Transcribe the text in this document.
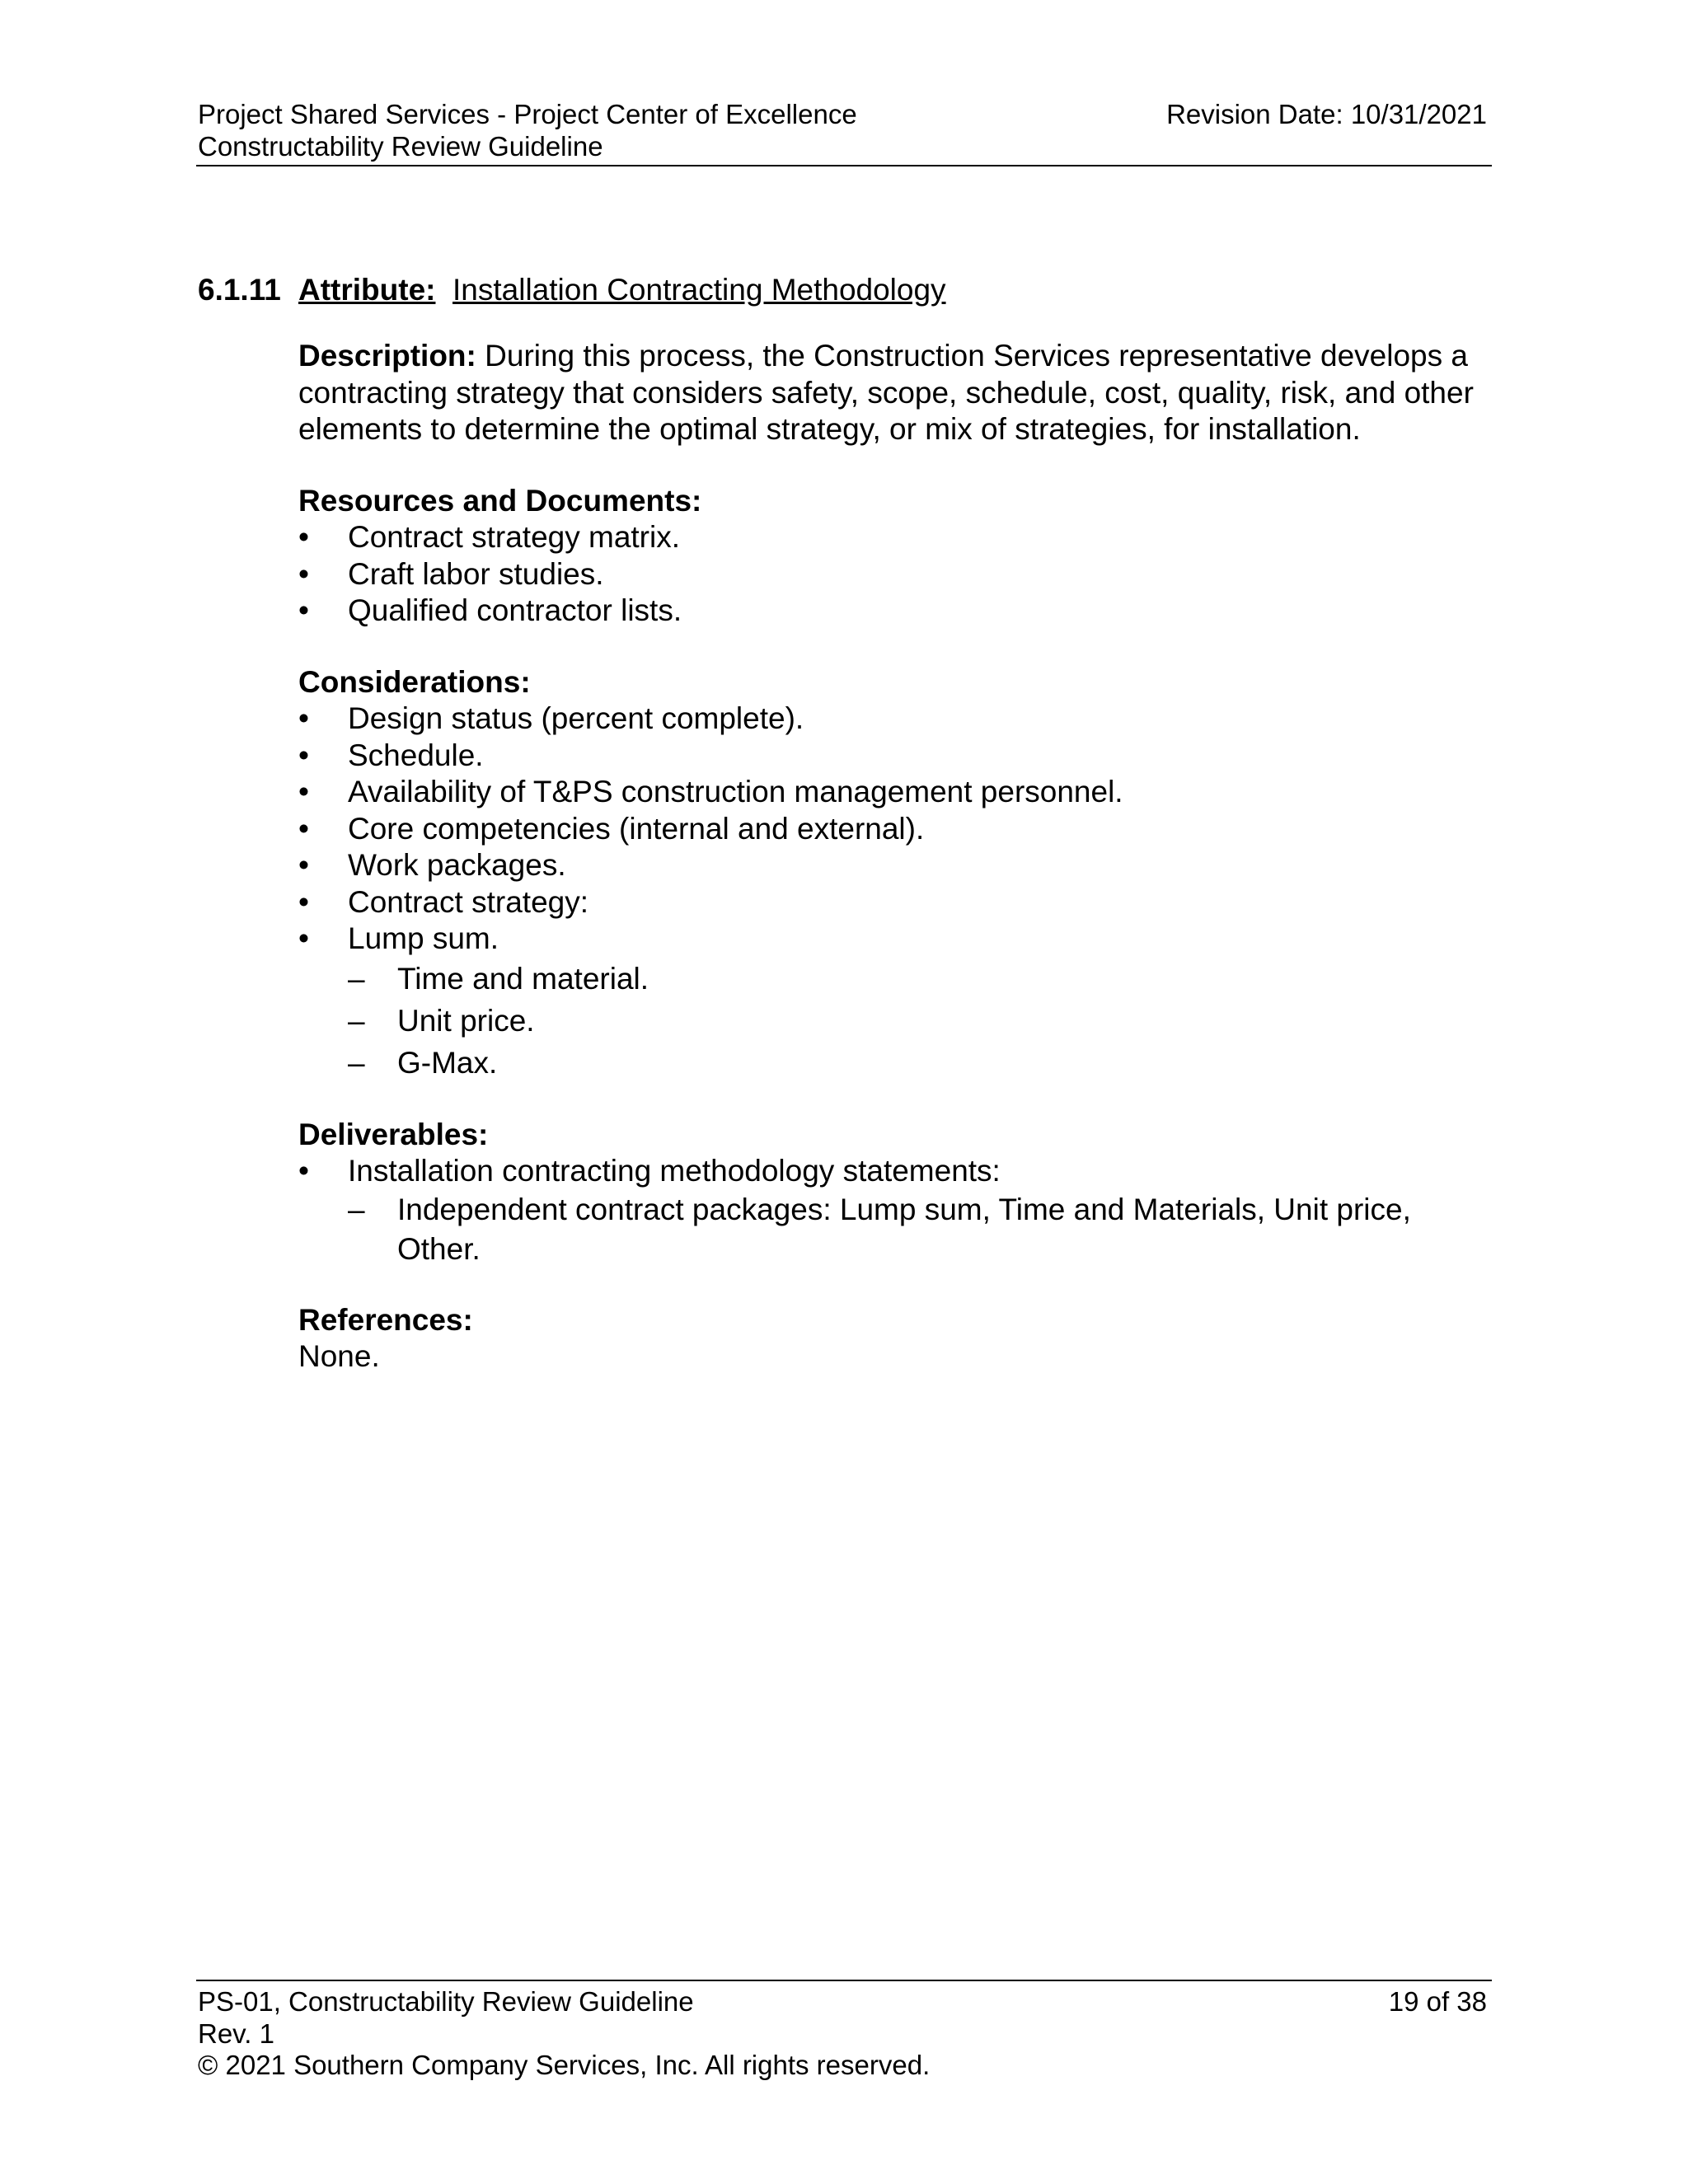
Project Shared Services - Project Center of Excellence
Constructability Review Guideline
Revision Date: 10/31/2021
6.1.11 Attribute: Installation Contracting Methodology

Description: During this process, the Construction Services representative develops a contracting strategy that considers safety, scope, schedule, cost, quality, risk, and other elements to determine the optimal strategy, or mix of strategies, for installation.

Resources and Documents:

• Contract strategy matrix.
• Craft labor studies.
• Qualified contractor lists.

Considerations:

• Design status (percent complete).
• Schedule.
• Availability of T&PS construction management personnel.
• Core competencies (internal and external).
• Work packages.
• Contract strategy:
• Lump sum.
– Time and material.
– Unit price.
– G-Max.

Deliverables:

• Installation contracting methodology statements:
– Independent contract packages: Lump sum, Time and Materials, Unit price, Other.

References:

None.

PS-01, Constructability Review Guideline
Rev. 1
© 2021 Southern Company Services, Inc. All rights reserved.
19 of 38
